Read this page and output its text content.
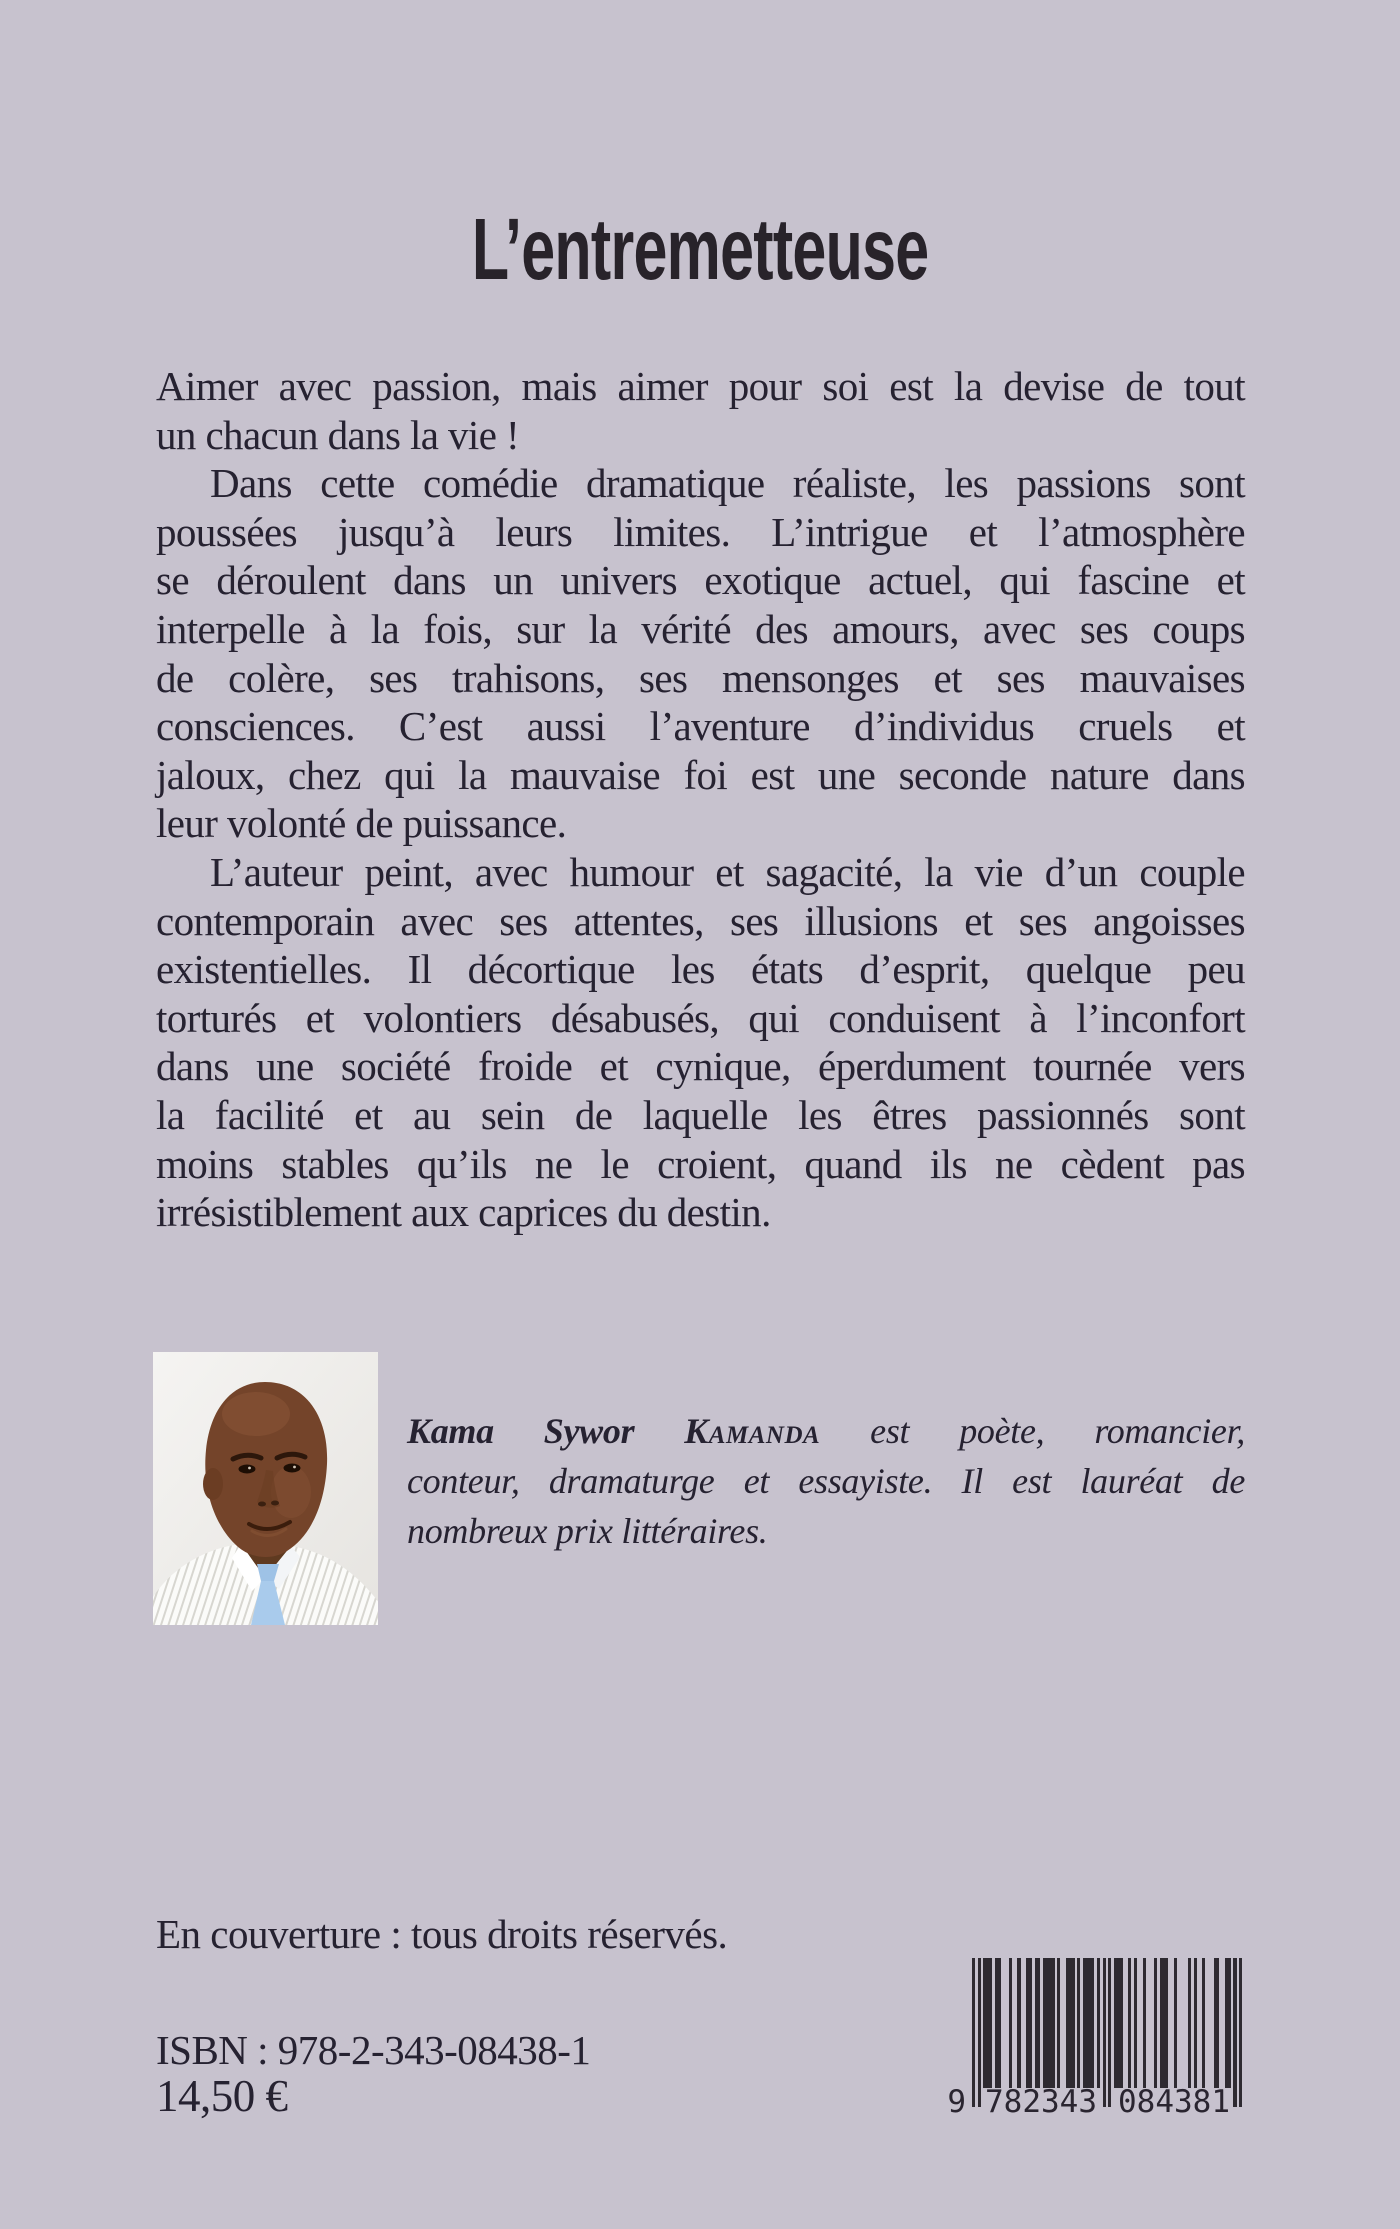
L’entremetteuse
Aimer avec passion, mais aimer pour soi est la devise de tout
un chacun dans la vie !
Dans cette comédie dramatique réaliste, les passions sont
poussées jusqu’à leurs limites. L’intrigue et l’atmosphère
se déroulent dans un univers exotique actuel, qui fascine et
interpelle à la fois, sur la vérité des amours, avec ses coups
de colère, ses trahisons, ses mensonges et ses mauvaises
consciences. C’est aussi l’aventure d’individus cruels et
jaloux, chez qui la mauvaise foi est une seconde nature dans
leur volonté de puissance.
L’auteur peint, avec humour et sagacité, la vie d’un couple
contemporain avec ses attentes, ses illusions et ses angoisses
existentielles. Il décortique les états d’esprit, quelque peu
torturés et volontiers désabusés, qui conduisent à l’inconfort
dans une société froide et cynique, éperdument tournée vers
la facilité et au sein de laquelle les êtres passionnés sont
moins stables qu’ils ne le croient, quand ils ne cèdent pas
irrésistiblement aux caprices du destin.
Kama Sywor Kamanda est poète, romancier,
conteur, dramaturge et essayiste. Il est lauréat de
nombreux prix littéraires.
En couverture : tous droits réservés.
ISBN : 978-2-343-08438-1
14,50 €	9 782343 084381
